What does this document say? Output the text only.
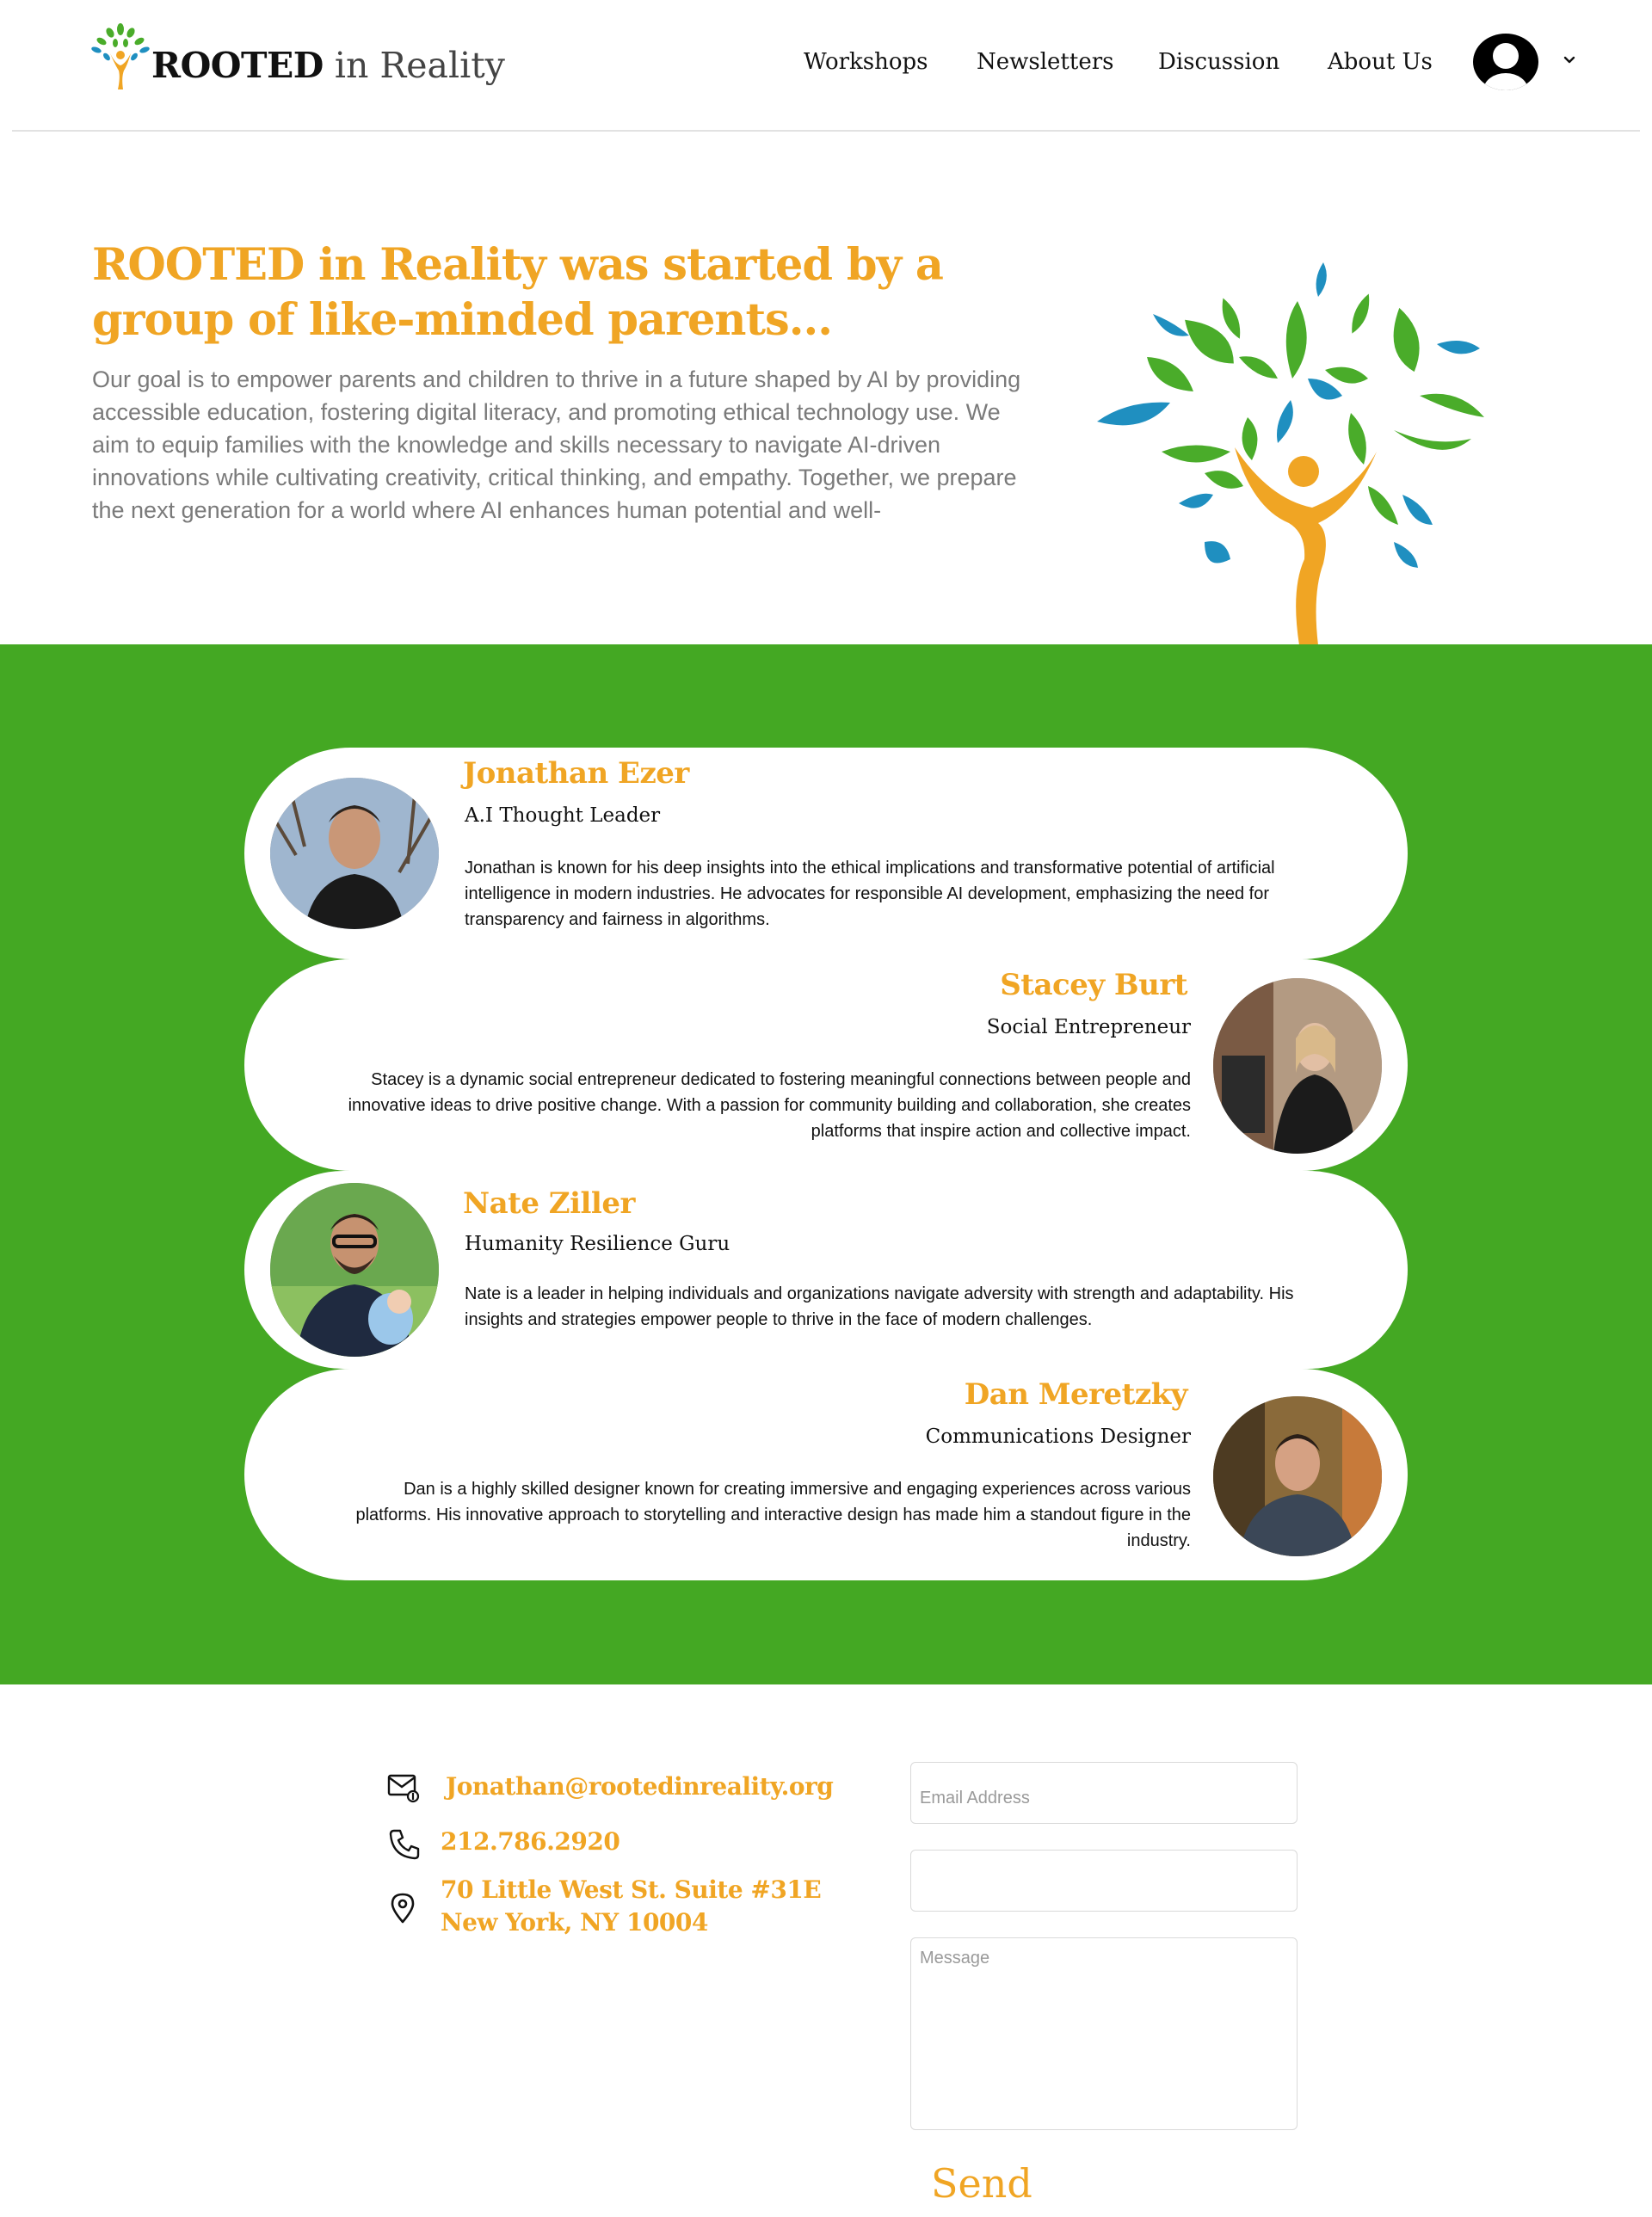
ROOTED in Reality	Workshops Newsletters Discussion About Us
ROOTED in Reality was started by a group of like-minded parents...

Our goal is to empower parents and children to thrive in a future shaped by AI by providing accessible education, fostering digital literacy, and promoting ethical technology use. We aim to equip families with the knowledge and skills necessary to navigate AI-driven innovations while cultivating creativity, critical thinking, and empathy. Together, we prepare the next generation for a world where AI enhances human potential and well-

Jonathan Ezer
A.I Thought Leader
Jonathan is known for his deep insights into the ethical implications and transformative potential of artificial intelligence in modern industries. He advocates for responsible AI development, emphasizing the need for transparency and fairness in algorithms.
Stacey Burt
Social Entrepreneur
Stacey is a dynamic social entrepreneur dedicated to fostering meaningful connections between people and innovative ideas to drive positive change. With a passion for community building and collaboration, she creates platforms that inspire action and collective impact.
Nate Ziller
Humanity Resilience Guru
Nate is a leader in helping individuals and organizations navigate adversity with strength and adaptability. His insights and strategies empower people to thrive in the face of modern challenges.
Dan Meretzky
Communications Designer
Dan is a highly skilled designer known for creating immersive and engaging experiences across various platforms. His innovative approach to storytelling and interactive design has made him a standout figure in the industry.
Jonathan@rootedinreality.org
212.786.2920
70 Little West St. Suite #31E
New York, NY 10004
Email Address
Message
Send
